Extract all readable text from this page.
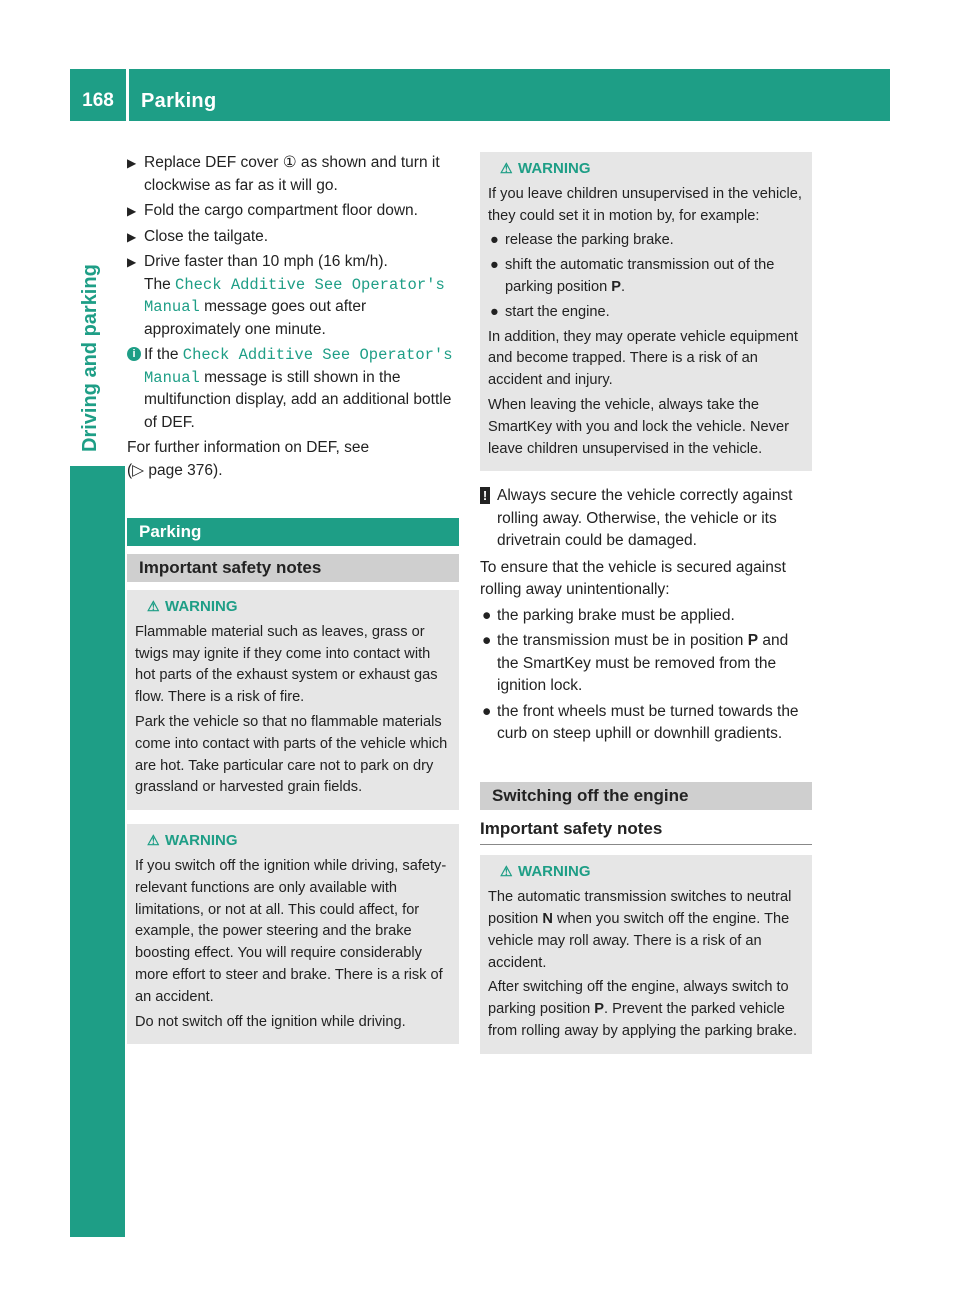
168	Parking
Driving and parking
▶ Replace DEF cover ① as shown and turn it clockwise as far as it will go.
▶ Fold the cargo compartment floor down.
▶ Close the tailgate.
▶ Drive faster than 10 mph (16 km/h).
The Check Additive See Operator's Manual message goes out after approximately one minute.
i If the Check Additive See Operator's Manual message is still shown in the multifunction display, add an additional bottle of DEF.
For further information on DEF, see
(▷ page 376).
Parking
Important safety notes
⚠ WARNING

Flammable material such as leaves, grass or twigs may ignite if they come into contact with hot parts of the exhaust system or exhaust gas flow. There is a risk of fire.

Park the vehicle so that no flammable materials come into contact with parts of the vehicle which are hot. Take particular care not to park on dry grassland or harvested grain fields.

⚠ WARNING

If you switch off the ignition while driving, safety-relevant functions are only available with limitations, or not at all. This could affect, for example, the power steering and the brake boosting effect. You will require considerably more effort to steer and brake. There is a risk of an accident.

Do not switch off the ignition while driving.

⚠ WARNING

If you leave children unsupervised in the vehicle, they could set it in motion by, for example:

● release the parking brake.

● shift the automatic transmission out of the parking position P.

● start the engine.

In addition, they may operate vehicle equipment and become trapped. There is a risk of an accident and injury.

When leaving the vehicle, always take the SmartKey with you and lock the vehicle. Never leave children unsupervised in the vehicle.

! Always secure the vehicle correctly against rolling away. Otherwise, the vehicle or its drivetrain could be damaged.
To ensure that the vehicle is secured against rolling away unintentionally:
● the parking brake must be applied.
● the transmission must be in position P and the SmartKey must be removed from the ignition lock.
● the front wheels must be turned towards the curb on steep uphill or downhill gradients.
Switching off the engine
Important safety notes
⚠ WARNING

The automatic transmission switches to neutral position N when you switch off the engine. The vehicle may roll away. There is a risk of an accident.

After switching off the engine, always switch to parking position P. Prevent the parked vehicle from rolling away by applying the parking brake.
